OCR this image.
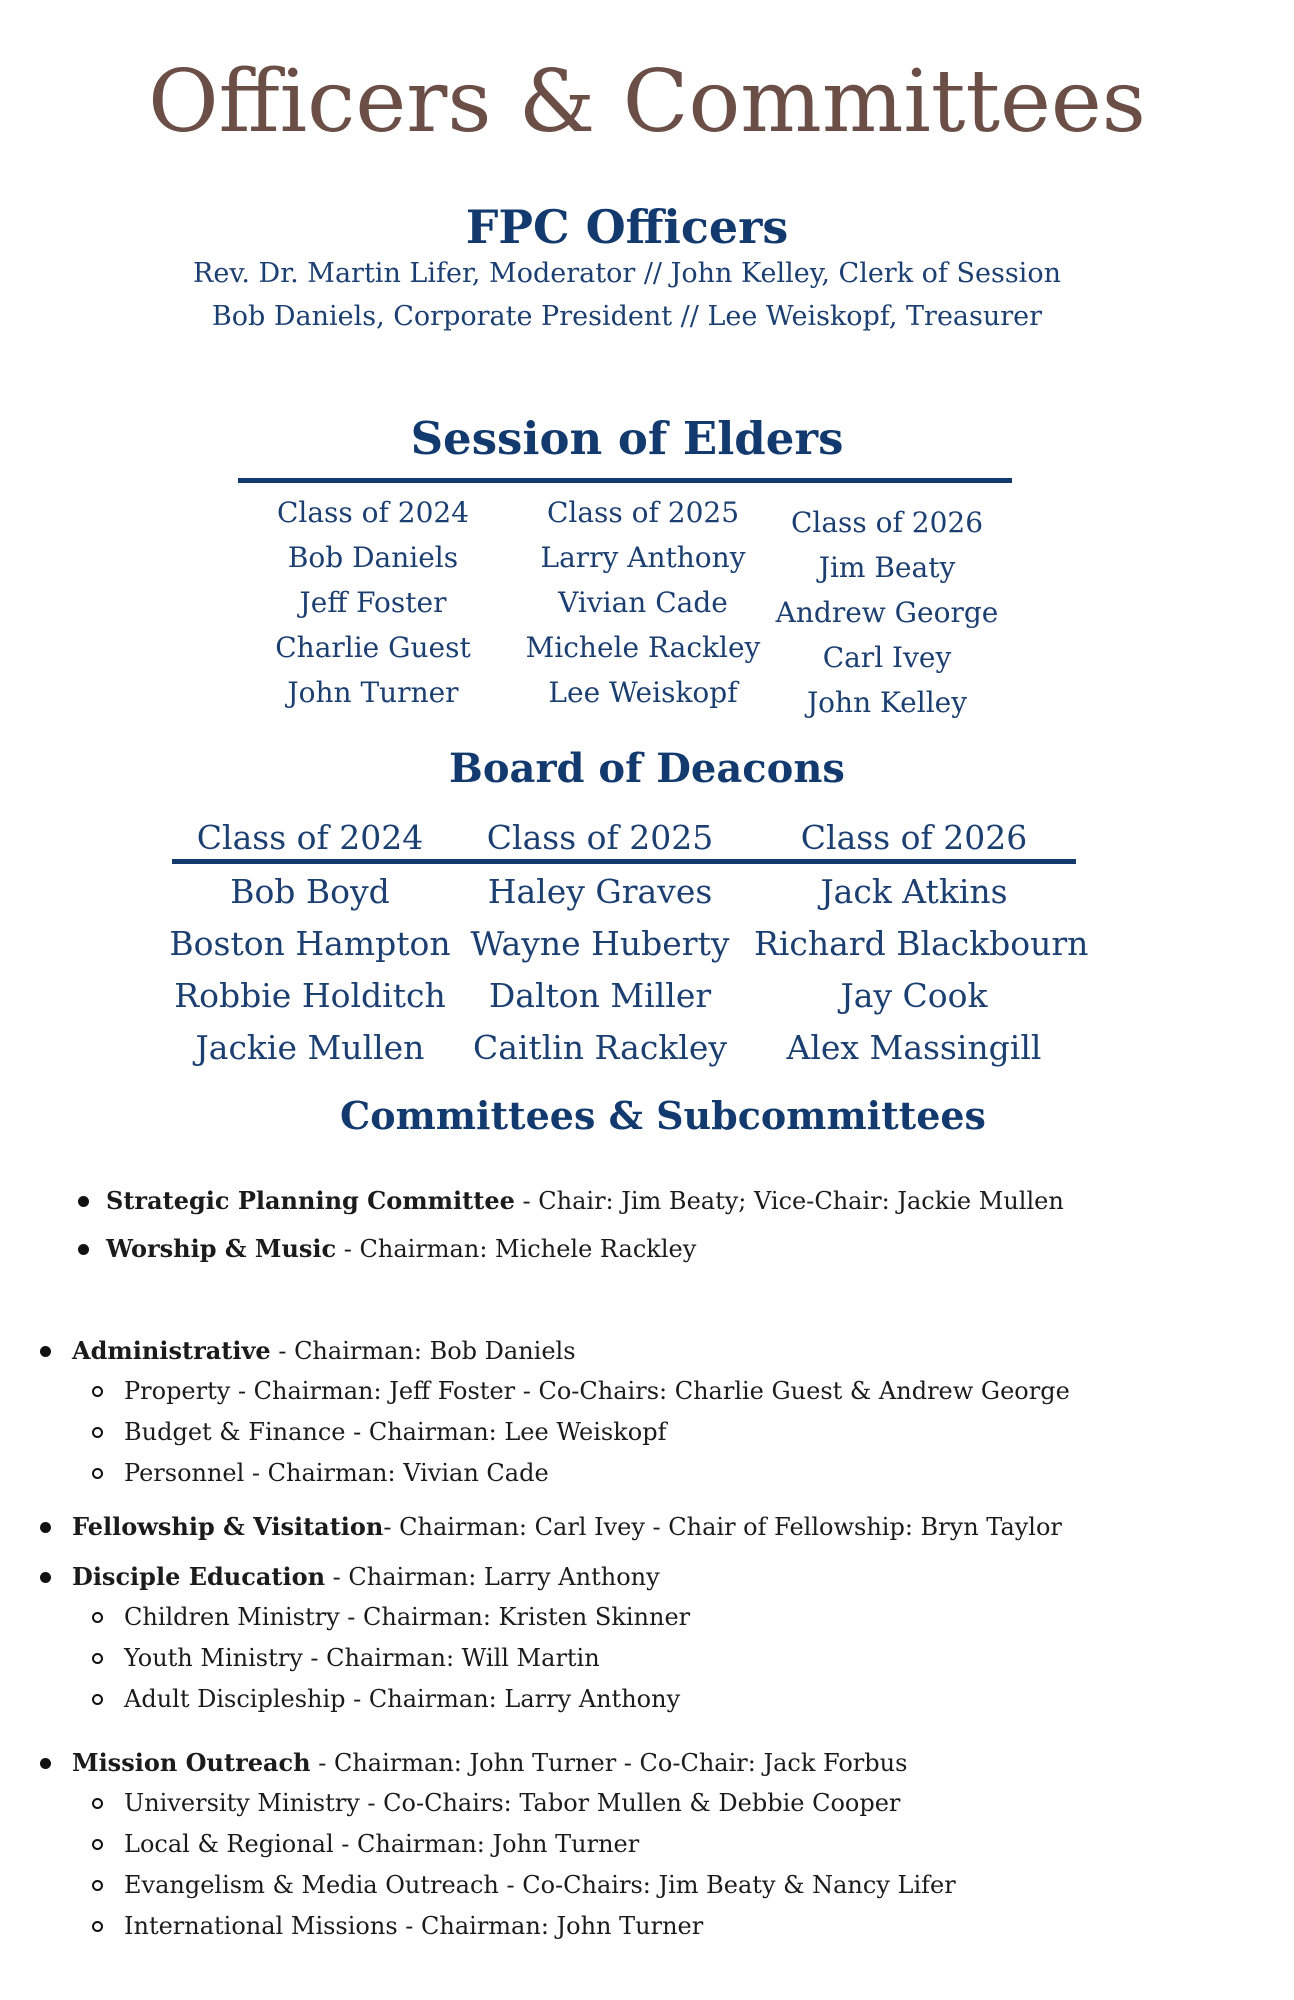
Officers & Committees
FPC Officers
Rev. Dr. Martin Lifer, Moderator // John Kelley, Clerk of Session
Bob Daniels, Corporate President // Lee Weiskopf, Treasurer
Session of Elders
Class of 2024
Bob Daniels
Jeff Foster
Charlie Guest
John Turner
Class of 2025
Larry Anthony
Vivian Cade
Michele Rackley
Lee Weiskopf
Class of 2026
Jim Beaty
Andrew George
Carl Ivey
John Kelley
Board of Deacons
Class of 2024	Class of 2025	Class of 2026
Bob Boyd
Boston Hampton
Robbie Holditch
Jackie Mullen
Haley Graves
Wayne Huberty
Dalton Miller
Caitlin Rackley
Jack Atkins
Richard Blackbourn
Jay Cook
Alex Massingill
Committees & Subcommittees
Strategic Planning Committee - Chair: Jim Beaty; Vice-Chair: Jackie Mullen
Worship & Music - Chairman: Michele Rackley
Administrative - Chairman: Bob Daniels
Property - Chairman: Jeff Foster - Co-Chairs: Charlie Guest & Andrew George
Budget & Finance - Chairman: Lee Weiskopf
Personnel - Chairman: Vivian Cade
Fellowship & Visitation- Chairman: Carl Ivey - Chair of Fellowship: Bryn Taylor
Disciple Education - Chairman: Larry Anthony
Children Ministry - Chairman: Kristen Skinner
Youth Ministry - Chairman: Will Martin
Adult Discipleship - Chairman: Larry Anthony
Mission Outreach - Chairman: John Turner - Co-Chair: Jack Forbus
University Ministry - Co-Chairs: Tabor Mullen & Debbie Cooper
Local & Regional - Chairman: John Turner
Evangelism & Media Outreach - Co-Chairs: Jim Beaty & Nancy Lifer
International Missions - Chairman: John Turner
